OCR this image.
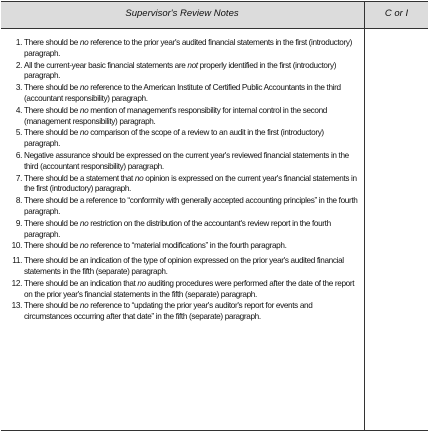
Supervisor's Review Notes	C or I
1. There should be no reference to the prior year's audited financial statements in the first (introductory) paragraph.
2. All the current-year basic financial statements are not properly identified in the first (introductory) paragraph.
3. There should be no reference to the American Institute of Certified Public Accountants in the third (accountant responsibility) paragraph.
4. There should be no mention of management's responsibility for internal control in the second (management responsibility) paragraph.
5. There should be no comparison of the scope of a review to an audit in the first (introductory) paragraph.
6. Negative assurance should be expressed on the current year's reviewed financial statements in the third (accountant responsibility) paragraph.
7. There should be a statement that no opinion is expressed on the current year's financial statements in the first (introductory) paragraph.
8. There should be a reference to “conformity with generally accepted accounting principles” in the fourth paragraph.
9. There should be no restriction on the distribution of the accountant's review report in the fourth paragraph.
10. There should be no reference to “material modifications” in the fourth paragraph.
11. There should be an indication of the type of opinion expressed on the prior year's audited financial statements in the fifth (separate) paragraph.
12. There should be an indication that no auditing procedures were performed after the date of the report on the prior year's financial statements in the fifth (separate) paragraph.
13. There should be no reference to “updating the prior year's auditor's report for events and circumstances occurring after that date” in the fifth (separate) paragraph.
